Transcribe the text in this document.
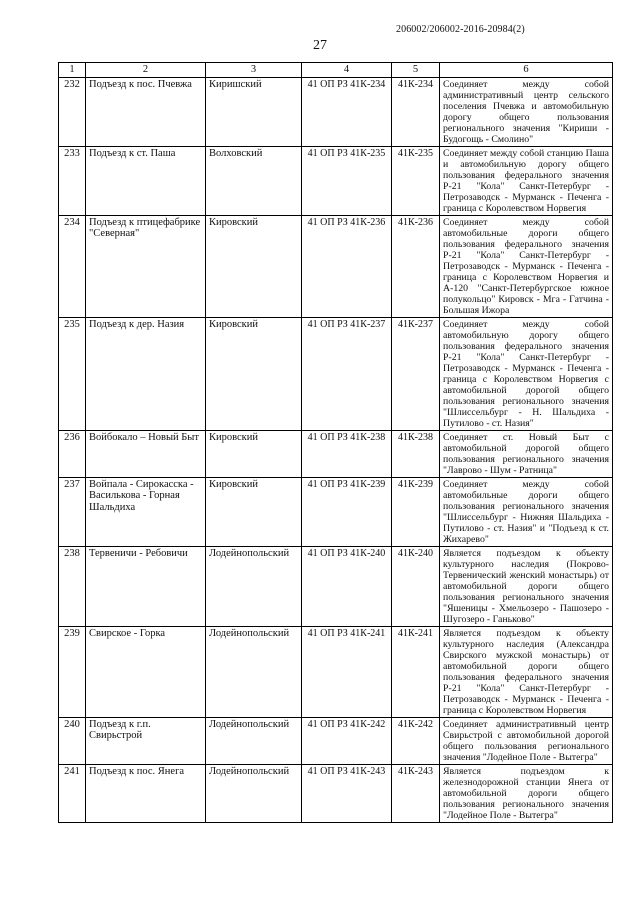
206002/206002-2016-20984(2)
27
1	2	3	4	5	6
232	Подъезд к пос. Пчевжа	Киришский	41 ОП РЗ 41К-234	41К-234	Соединяет между собой административный центр сельского поселения Пчевжа и автомобильную дорогу общего пользования регионального значения "Кириши - Будогощь - Смолино"
233	Подъезд к ст. Паша	Волховский	41 ОП РЗ 41К-235	41К-235	Соединяет между собой станцию Паша и автомобильную дорогу общего пользования федерального значения Р-21 "Кола" Санкт-Петербург - Петрозаводск - Мурманск - Печенга - граница с Королевством Норвегия
234	Подъезд к птицефабрике "Северная"	Кировский	41 ОП РЗ 41К-236	41К-236	Соединяет между собой автомобильные дороги общего пользования федерального значения Р-21 "Кола" Санкт-Петербург - Петрозаводск - Мурманск - Печенга - граница с Королевством Норвегия и А-120 "Санкт-Петербургское южное полукольцо" Кировск - Мга - Гатчина - Большая Ижора
235	Подъезд к дер. Назия	Кировский	41 ОП РЗ 41К-237	41К-237	Соединяет между собой автомобильную дорогу общего пользования федерального значения Р-21 "Кола" Санкт-Петербург - Петрозаводск - Мурманск - Печенга - граница с Королевством Норвегия с автомобильной дорогой общего пользования регионального значения "Шлиссельбург - Н. Шальдиха - Путилово - ст. Назия"
236	Войбокало – Новый Быт	Кировский	41 ОП РЗ 41К-238	41К-238	Соединяет ст. Новый Быт с автомобильной дорогой общего пользования регионального значения "Лаврово - Шум - Ратница"
237	Войпала - Сирокасска - Василькова - Горная Шальдиха	Кировский	41 ОП РЗ 41К-239	41К-239	Соединяет между собой автомобильные дороги общего пользования регионального значения "Шлиссельбург - Нижняя Шальдиха - Путилово - ст. Назия" и "Подъезд к ст. Жихарево"
238	Тервеничи - Ребовичи	Лодейнопольский	41 ОП РЗ 41К-240	41К-240	Является подъездом к объекту культурного наследия (Покрово-Тервенический женский монастырь) от автомобильной дороги общего пользования регионального значения "Яшеницы - Хмельозеро - Пашозеро - Шугозеро - Ганьково"
239	Свирское - Горка	Лодейнопольский	41 ОП РЗ 41К-241	41К-241	Является подъездом к объекту культурного наследия (Александра Свирского мужской монастырь) от автомобильной дороги общего пользования федерального значения Р-21 "Кола" Санкт-Петербург - Петрозаводск - Мурманск - Печенга - граница с Королевством Норвегия
240	Подъезд к г.п. Свирьстрой	Лодейнопольский	41 ОП РЗ 41К-242	41К-242	Соединяет административный центр Свирьстрой с автомобильной дорогой общего пользования регионального значения "Лодейное Поле - Вытегра"
241	Подъезд к пос. Янега	Лодейнопольский	41 ОП РЗ 41К-243	41К-243	Является подъездом к железнодорожной станции Янега от автомобильной дороги общего пользования регионального значения "Лодейное Поле - Вытегра"
